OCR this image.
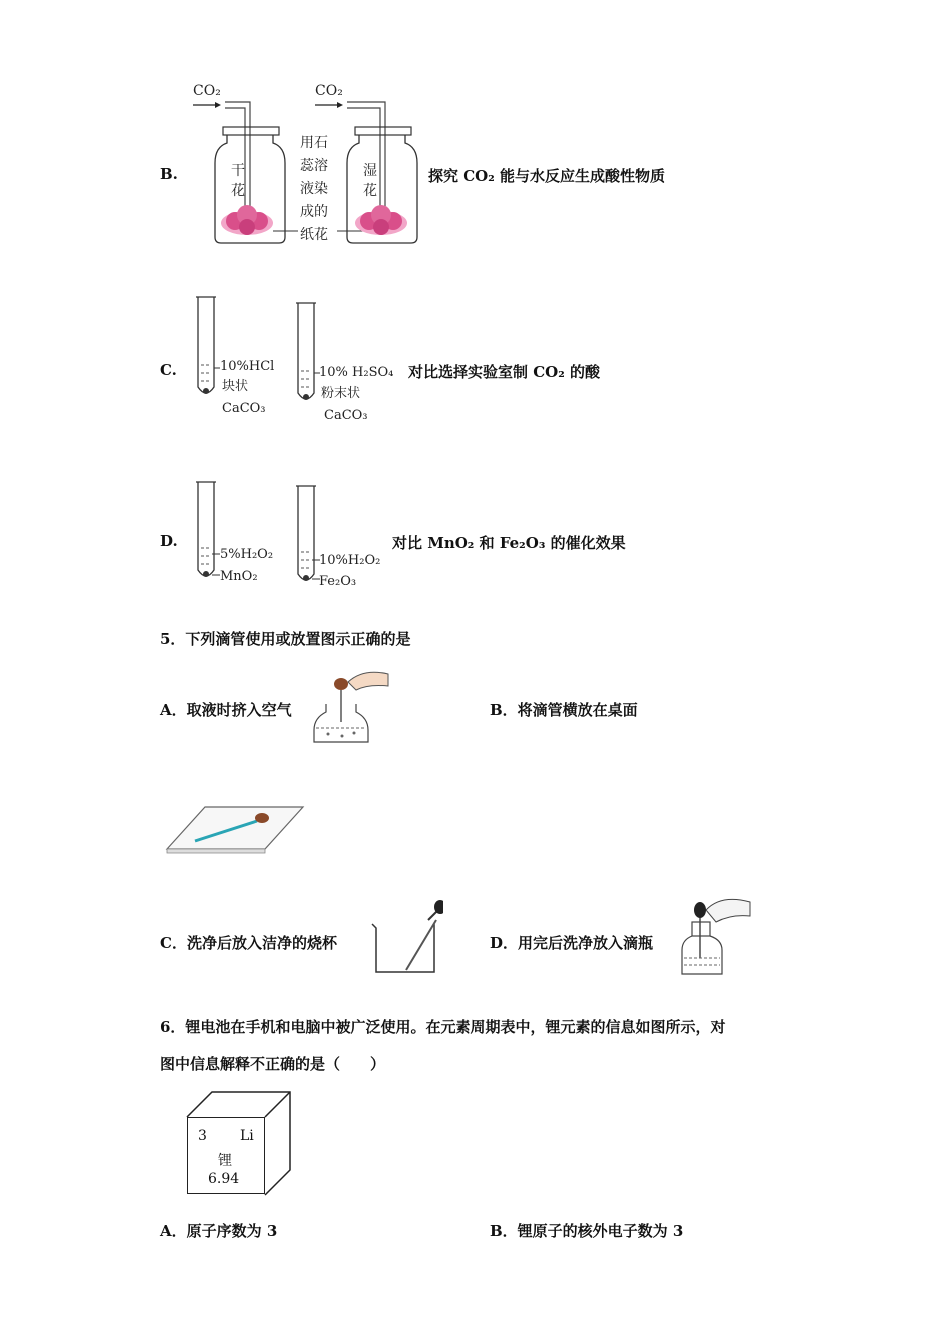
B.
CO₂
干
花
用石
蕊溶
液染
成的
纸花
CO₂
湿
花
探究 CO₂ 能与水反应生成酸性物质
C.	10%HCl
块状
CaCO₃
10% H₂SO₄
粉末状
CaCO₃
对比选择实验室制 CO₂ 的酸
D.
5%H₂O₂
MnO₂
10%H₂O₂
Fe₂O₃
对比 MnO₂ 和 Fe₂O₃ 的催化效果
5．下列滴管使用或放置图示正确的是
A．取液时挤入空气	B．将滴管横放在桌面
C．洗净后放入洁净的烧杯	D．用完后洗净放入滴瓶
6．锂电池在手机和电脑中被广泛使用。在元素周期表中，锂元素的信息如图所示，对
图中信息解释不正确的是（　　）
3 Li
锂
6.94
A．原子序数为 3	B．锂原子的核外电子数为 3
